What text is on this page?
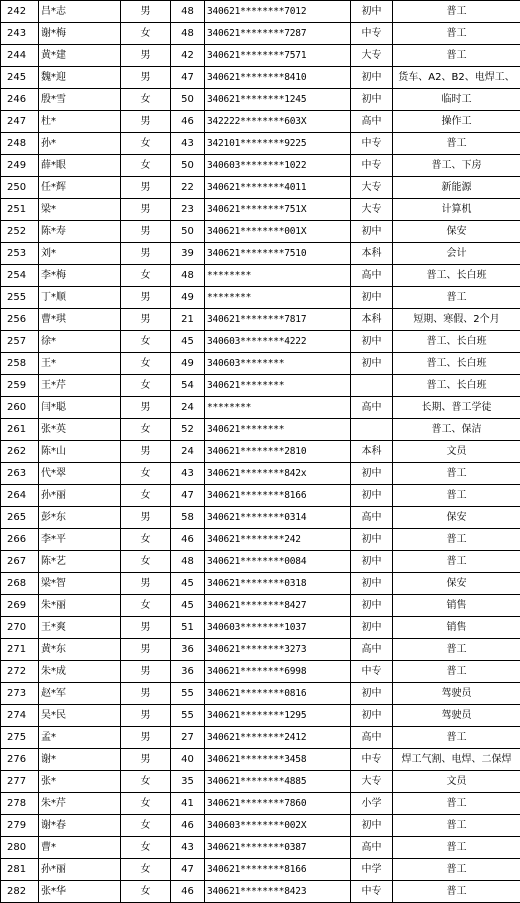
242	吕*志	男	48	340621********7012	初中	普工
243	谢*梅	女	48	340621********7287	中专	普工
244	黄*建	男	42	340621********7571	大专	普工
245	魏*迎	男	47	340621********8410	初中	货车、A2、B2、电焊工、
246	殷*雪	女	50	340621********1245	初中	临时工
247	杜*	男	46	342222********603X	高中	操作工
248	孙*	女	43	342101********9225	中专	普工
249	薛*眼	女	50	340603********1022	中专	普工、下房
250	任*辉	男	22	340621********4011	大专	新能源
251	梁*	男	23	340621********751X	大专	计算机
252	陈*寿	男	50	340621********001X	初中	保安
253	刘*	男	39	340621********7510	本科	会计
254	李*梅	女	48	********	高中	普工、长白班
255	丁*顺	男	49	********	初中	普工
256	曹*琪	男	21	340621********7817	本科	短期、寒假、2个月
257	徐*	女	45	340603********4222	初中	普工、长白班
258	王*	女	49	340603********	初中	普工、长白班
259	王*芹	女	54	340621********		普工、长白班
260	闫*聪	男	24	********	高中	长期、普工学徒
261	张*英	女	52	340621********		普工、保洁
262	陈*山	男	24	340621********2810	本科	文员
263	代*翠	女	43	340621********842x	初中	普工
264	孙*丽	女	47	340621********8166	初中	普工
265	彭*东	男	58	340621********0314	高中	保安
266	李*平	女	46	340621********242	初中	普工
267	陈*艺	女	48	340621********0084	初中	普工
268	梁*智	男	45	340621********0318	初中	保安
269	朱*丽	女	45	340621********8427	初中	销售
270	王*爽	男	51	340603********1037	初中	销售
271	黄*东	男	36	340621********3273	高中	普工
272	朱*成	男	36	340621********6998	中专	普工
273	赵*军	男	55	340621********0816	初中	驾驶员
274	吴*民	男	55	340621********1295	初中	驾驶员
275	孟*	男	27	340621********2412	高中	普工
276	谢*	男	40	340621********3458	中专	焊工气割、电焊、二保焊
277	张*	女	35	340621********4885	大专	文员
278	朱*芹	女	41	340621********7860	小学	普工
279	谢*春	女	46	340603********002X	初中	普工
280	曹*	女	43	340621********0387	高中	普工
281	孙*丽	女	47	340621********8166	中学	普工
282	张*华	女	46	340621********8423	中专	普工
